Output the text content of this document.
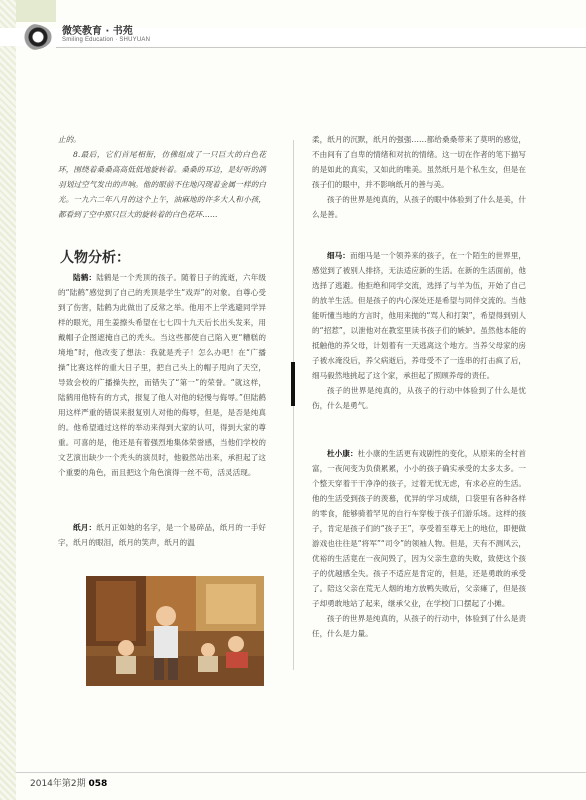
微笑教育 · 书苑
Smiling Education · SHUYUAN

止的。

8.最后，它们首尾相衔，仿佛组成了一只巨大的白色花环，围绕着桑桑高高低低地旋转着。桑桑的耳边，是好听的鸽羽划过空气发出的声响。他的眼前不住地闪现着金属一样的白光。一九六二年八月的这个上午，油麻地的许多大人和小孩，都看到了空中那只巨大的旋转着的白色花环……

人物分析：

陆鹤：陆鹤是一个秃顶的孩子。随着日子的流逝，六年级的“陆鹤”感觉到了自己的秃顶是学生“戏弄”的对象。自尊心受到了伤害，陆鹤为此做出了反常之举。他用不上学逃避同学异样的眼光，用生姜擦头希望在七七四十九天后长出头发来，用戴帽子企图遮掩自己的秃头。当这些都使自己陷入更“糟糕的境地”时，他改变了想法：我就是秃子！怎么办吧！在“广播操”比赛这样的重大日子里，把自己头上的帽子甩向了天空，导致会校的广播操失控，而错失了“第一”的荣誉。“就这样，陆鹤用他特有的方式，报复了他人对他的轻慢与侮辱。”但陆鹤用这样严重的错误来报复别人对他的侮辱，但是，是否是纯真的。他希望通过这样的举动来得到大家的认可，得到大家的尊重。可喜的是，他还是有着强烈地集体荣誉感，当他们学校的文艺演出缺少一个秃头的演员时，他毅然站出来，承担起了这个重要的角色，而且把这个角色演得一丝不苟，活灵活现。

纸月：纸月正如她的名字，是一个易碎品，纸月的一手好字，纸月的眼泪，纸月的笑声，纸月的温

柔，纸月的沉默，纸月的强强……都给桑桑带来了莫明的感觉，不由间有了自卑的情绪和对抗的情绪。这一切在作者的笔下描写的是如此的真实，又如此的唯美。虽然纸月是个私生女，但是在孩子们的眼中，并不影响纸月的善与美。

孩子的世界是纯真的，从孩子的眼中体验到了什么是美，什么是善。

细马：而细马是一个领养来的孩子，在一个陌生的世界里，感觉到了被别人排挤，无法适应新的生活。在新的生活面前，他选择了逃避。他拒绝和同学交流，选择了与羊为伍，开始了自己的放羊生活。但是孩子的内心深处还是希望与同伴交流的。当他能听懂当地的方言时，他用来抛的“骂人和打架”，希望得到别人的“招惹”，以泄他对在教室里读书孩子们的嫉妒。虽然他本能的抵触他的养父母，计划着有一天逃离这个地方。当养父母家的房子被水淹没后，养父病逝后，养母受不了一连串的打击疯了后，细马毅然地挑起了这个家，承担起了照顾养母的责任。

孩子的世界是纯真的，从孩子的行动中体验到了什么是忧伤，什么是勇气。

杜小康：杜小康的生活更有戏剧性的变化，从原来的全村首富，一夜间变为负债累累，小小的孩子确实承受的太多太多。一个整天穿着干干净净的孩子，过着无忧无虑，有求必应的生活。他的生活受到孩子的羡慕，优异的学习成绩，口袋里有各种各样的零食，能够骑着罕见的自行车穿梭于孩子们游乐场。这样的孩子，肯定是孩子们的“孩子王”，享受着至尊无上的地位，即便做游戏也往往是“将军”“司令”的领袖人物。但是，天有不测风云，优裕的生活竟在一夜间毁了，因为父亲生意的失败，致使这个孩子的优越感全失。孩子不适应是肯定的，但是，还是勇敢的承受了。陪这父亲在荒无人烟的地方放鸭失败后，父亲瘫了，但是孩子却勇敢地站了起来，继承父业，在学校门口摆起了小摊。

孩子的世界是纯真的，从孩子的行动中，体验到了什么是责任，什么是力量。

2014年第2期 058
